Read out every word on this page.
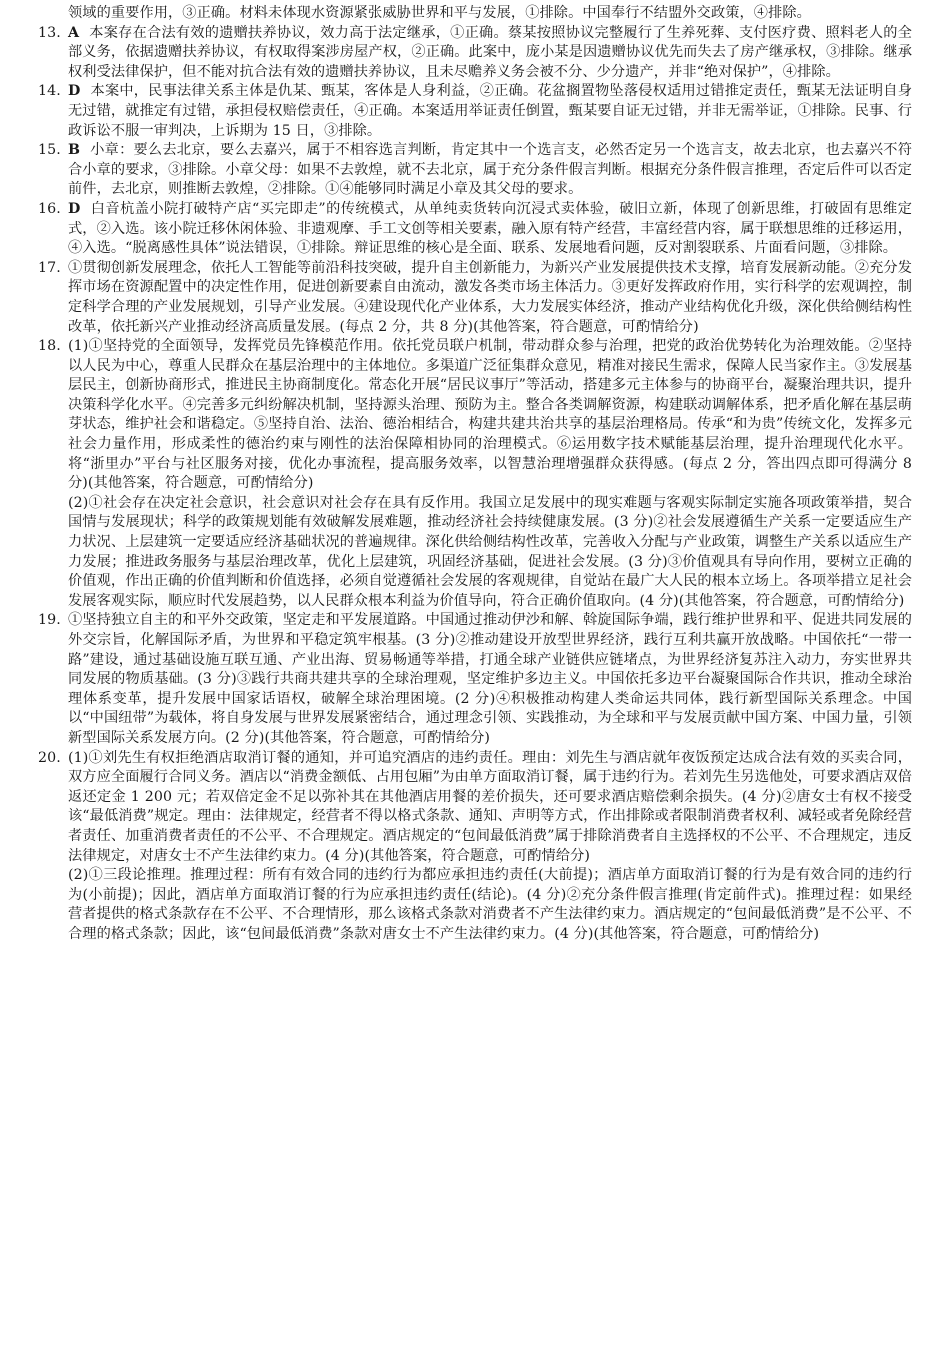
领域的重要作用，③正确。材料未体现水资源紧张威胁世界和平与发展，①排除。中国奉行不结盟外交政策，④排除。

13. A 本案存在合法有效的遗赠扶养协议，效力高于法定继承，①正确。蔡某按照协议完整履行了生养死葬、支付医疗费、照料老人的全部义务，依据遗赠扶养协议，有权取得案涉房屋产权，②正确。此案中，庞小某是因遗赠协议优先而失去了房产继承权，③排除。继承权利受法律保护，但不能对抗合法有效的遗赠扶养协议，且未尽赡养义务会被不分、少分遗产，并非“绝对保护”，④排除。

14. D 本案中，民事法律关系主体是仇某、甄某，客体是人身利益，②正确。花盆搁置物坠落侵权适用过错推定责任，甄某无法证明自身无过错，就推定有过错，承担侵权赔偿责任，④正确。本案适用举证责任倒置，甄某要自证无过错，并非无需举证，①排除。民事、行政诉讼不服一审判决，上诉期为 15 日，③排除。

15. B 小章：要么去北京，要么去嘉兴，属于不相容选言判断，肯定其中一个选言支，必然否定另一个选言支，故去北京，也去嘉兴不符合小章的要求，③排除。小章父母：如果不去敦煌，就不去北京，属于充分条件假言判断。根据充分条件假言推理，否定后件可以否定前件，去北京，则推断去敦煌，②排除。①④能够同时满足小章及其父母的要求。

16. D 白音杭盖小院打破特产店“买完即走”的传统模式，从单纯卖货转向沉浸式卖体验，破旧立新，体现了创新思维，打破固有思维定式，②入选。该小院迁移休闲体验、非遗观摩、手工文创等相关要素，融入原有特产经营，丰富经营内容，属于联想思维的迁移运用，④入选。“脱离感性具体”说法错误，①排除。辩证思维的核心是全面、联系、发展地看问题，反对割裂联系、片面看问题，③排除。

17. ①贯彻创新发展理念，依托人工智能等前沿科技突破，提升自主创新能力，为新兴产业发展提供技术支撑，培育发展新动能。②充分发挥市场在资源配置中的决定性作用，促进创新要素自由流动，激发各类市场主体活力。③更好发挥政府作用，实行科学的宏观调控，制定科学合理的产业发展规划，引导产业发展。④建设现代化产业体系，大力发展实体经济，推动产业结构优化升级，深化供给侧结构性改革，依托新兴产业推动经济高质量发展。(每点 2 分，共 8 分)(其他答案，符合题意，可酌情给分)

18. (1)①坚持党的全面领导，发挥党员先锋模范作用。依托党员联户机制，带动群众参与治理，把党的政治优势转化为治理效能。②坚持以人民为中心，尊重人民群众在基层治理中的主体地位。多渠道广泛征集群众意见，精准对接民生需求，保障人民当家作主。③发展基层民主，创新协商形式，推进民主协商制度化。常态化开展“居民议事厅”等活动，搭建多元主体参与的协商平台，凝聚治理共识，提升决策科学化水平。④完善多元纠纷解决机制，坚持源头治理、预防为主。整合各类调解资源，构建联动调解体系，把矛盾化解在基层萌芽状态，维护社会和谐稳定。⑤坚持自治、法治、德治相结合，构建共建共治共享的基层治理格局。传承“和为贵”传统文化，发挥多元社会力量作用，形成柔性的德治约束与刚性的法治保障相协同的治理模式。⑥运用数字技术赋能基层治理，提升治理现代化水平。将“浙里办”平台与社区服务对接，优化办事流程，提高服务效率，以智慧治理增强群众获得感。(每点 2 分，答出四点即可得满分 8 分)(其他答案，符合题意，可酌情给分)

(2)①社会存在决定社会意识，社会意识对社会存在具有反作用。我国立足发展中的现实难题与客观实际制定实施各项政策举措，契合国情与发展现状；科学的政策规划能有效破解发展难题，推动经济社会持续健康发展。(3 分)②社会发展遵循生产关系一定要适应生产力状况、上层建筑一定要适应经济基础状况的普遍规律。深化供给侧结构性改革，完善收入分配与产业政策，调整生产关系以适应生产力发展；推进政务服务与基层治理改革，优化上层建筑，巩固经济基础，促进社会发展。(3 分)③价值观具有导向作用，要树立正确的价值观，作出正确的价值判断和价值选择，必须自觉遵循社会发展的客观规律，自觉站在最广大人民的根本立场上。各项举措立足社会发展客观实际，顺应时代发展趋势，以人民群众根本利益为价值导向，符合正确价值取向。(4 分)(其他答案，符合题意，可酌情给分)

19. ①坚持独立自主的和平外交政策，坚定走和平发展道路。中国通过推动伊沙和解、斡旋国际争端，践行维护世界和平、促进共同发展的外交宗旨，化解国际矛盾，为世界和平稳定筑牢根基。(3 分)②推动建设开放型世界经济，践行互利共赢开放战略。中国依托“一带一路”建设，通过基础设施互联互通、产业出海、贸易畅通等举措，打通全球产业链供应链堵点，为世界经济复苏注入动力，夯实世界共同发展的物质基础。(3 分)③践行共商共建共享的全球治理观，坚定维护多边主义。中国依托多边平台凝聚国际合作共识，推动全球治理体系变革，提升发展中国家话语权，破解全球治理困境。(2 分)④积极推动构建人类命运共同体，践行新型国际关系理念。中国以“中国纽带”为载体，将自身发展与世界发展紧密结合，通过理念引领、实践推动，为全球和平与发展贡献中国方案、中国力量，引领新型国际关系发展方向。(2 分)(其他答案，符合题意，可酌情给分)

20. (1)①刘先生有权拒绝酒店取消订餐的通知，并可追究酒店的违约责任。理由：刘先生与酒店就年夜饭预定达成合法有效的买卖合同，双方应全面履行合同义务。酒店以“消费金额低、占用包厢”为由单方面取消订餐，属于违约行为。若刘先生另选他处，可要求酒店双倍返还定金 1 200 元；若双倍定金不足以弥补其在其他酒店用餐的差价损失，还可要求酒店赔偿剩余损失。(4 分)②唐女士有权不接受该“最低消费”规定。理由：法律规定，经营者不得以格式条款、通知、声明等方式，作出排除或者限制消费者权利、减轻或者免除经营者责任、加重消费者责任的不公平、不合理规定。酒店规定的“包间最低消费”属于排除消费者自主选择权的不公平、不合理规定，违反法律规定，对唐女士不产生法律约束力。(4 分)(其他答案，符合题意，可酌情给分)

(2)①三段论推理。推理过程：所有有效合同的违约行为都应承担违约责任(大前提)；酒店单方面取消订餐的行为是有效合同的违约行为(小前提)；因此，酒店单方面取消订餐的行为应承担违约责任(结论)。(4 分)②充分条件假言推理(肯定前件式)。推理过程：如果经营者提供的格式条款存在不公平、不合理情形，那么该格式条款对消费者不产生法律约束力。酒店规定的“包间最低消费”是不公平、不合理的格式条款；因此，该“包间最低消费”条款对唐女士不产生法律约束力。(4 分)(其他答案，符合题意，可酌情给分)
